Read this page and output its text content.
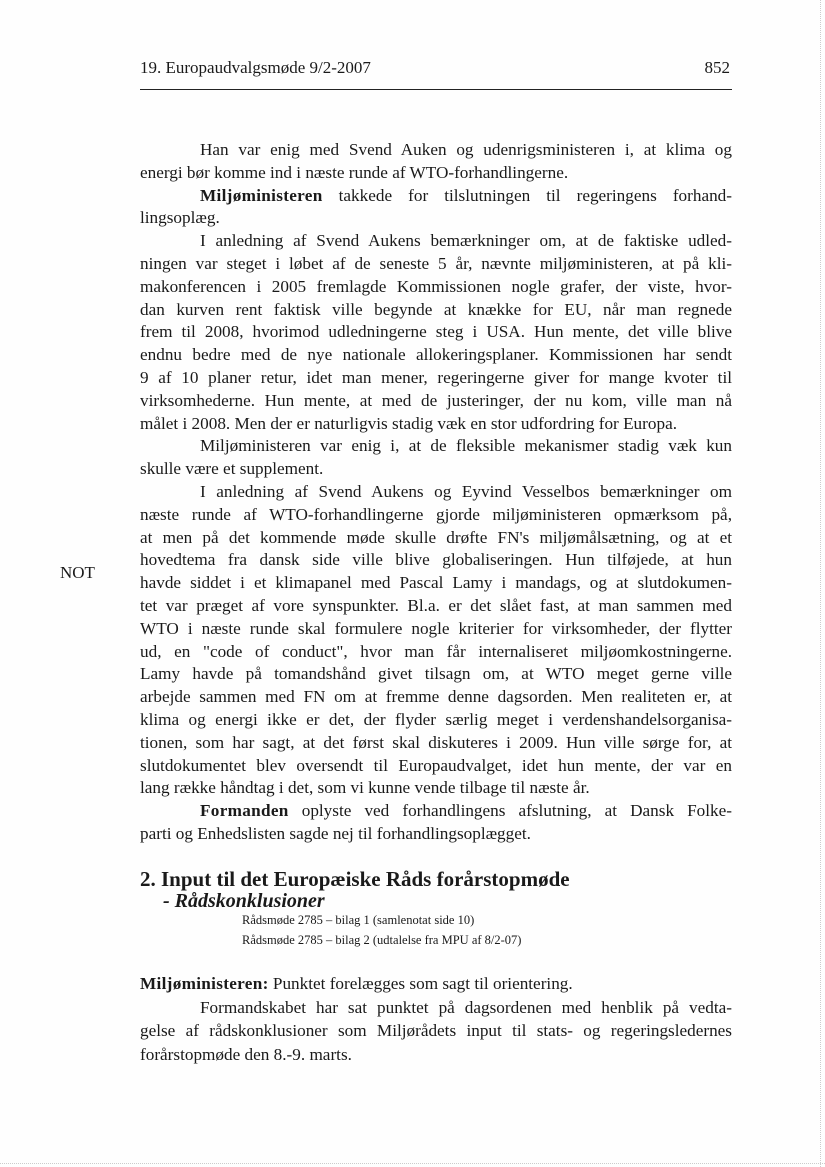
19. Europaudvalgsmøde 9/2-2007	852
NOT
Han var enig med Svend Auken og udenrigsministeren i, at klima og
energi bør komme ind i næste runde af WTO-forhandlingerne.
Miljøministeren takkede for tilslutningen til regeringens forhand-
lingsoplæg.
I anledning af Svend Aukens bemærkninger om, at de faktiske udled-
ningen var steget i løbet af de seneste 5 år, nævnte miljøministeren, at på kli-
makonferencen i 2005 fremlagde Kommissionen nogle grafer, der viste, hvor-
dan kurven rent faktisk ville begynde at knække for EU, når man regnede
frem til 2008, hvorimod udledningerne steg i USA. Hun mente, det ville blive
endnu bedre med de nye nationale allokeringsplaner. Kommissionen har sendt
9 af 10 planer retur, idet man mener, regeringerne giver for mange kvoter til
virksomhederne. Hun mente, at med de justeringer, der nu kom, ville man nå
målet i 2008. Men der er naturligvis stadig væk en stor udfordring for Europa.
Miljøministeren var enig i, at de fleksible mekanismer stadig væk kun
skulle være et supplement.
I anledning af Svend Aukens og Eyvind Vesselbos bemærkninger om
næste runde af WTO-forhandlingerne gjorde miljøministeren opmærksom på,
at men på det kommende møde skulle drøfte FN's miljømålsætning, og at et
hovedtema fra dansk side ville blive globaliseringen. Hun tilføjede, at hun
havde siddet i et klimapanel med Pascal Lamy i mandags, og at slutdokumen-
tet var præget af vore synspunkter. Bl.a. er det slået fast, at man sammen med
WTO i næste runde skal formulere nogle kriterier for virksomheder, der flytter
ud, en "code of conduct", hvor man får internaliseret miljøomkostningerne.
Lamy havde på tomandshånd givet tilsagn om, at WTO meget gerne ville
arbejde sammen med FN om at fremme denne dagsorden. Men realiteten er, at
klima og energi ikke er det, der flyder særlig meget i verdenshandelsorganisa-
tionen, som har sagt, at det først skal diskuteres i 2009. Hun ville sørge for, at
slutdokumentet blev oversendt til Europaudvalget, idet hun mente, der var en
lang række håndtag i det, som vi kunne vende tilbage til næste år.
Formanden oplyste ved forhandlingens afslutning, at Dansk Folke-
parti og Enhedslisten sagde nej til forhandlingsoplægget.
2. Input til det Europæiske Råds forårstopmøde
- Rådskonklusioner
Rådsmøde 2785 – bilag 1 (samlenotat side 10)
Rådsmøde 2785 – bilag 2 (udtalelse fra MPU af 8/2-07)
Miljøministeren: Punktet forelægges som sagt til orientering.
Formandskabet har sat punktet på dagsordenen med henblik på vedta-
gelse af rådskonklusioner som Miljørådets input til stats- og regeringsledernes
forårstopmøde den 8.-9. marts.
